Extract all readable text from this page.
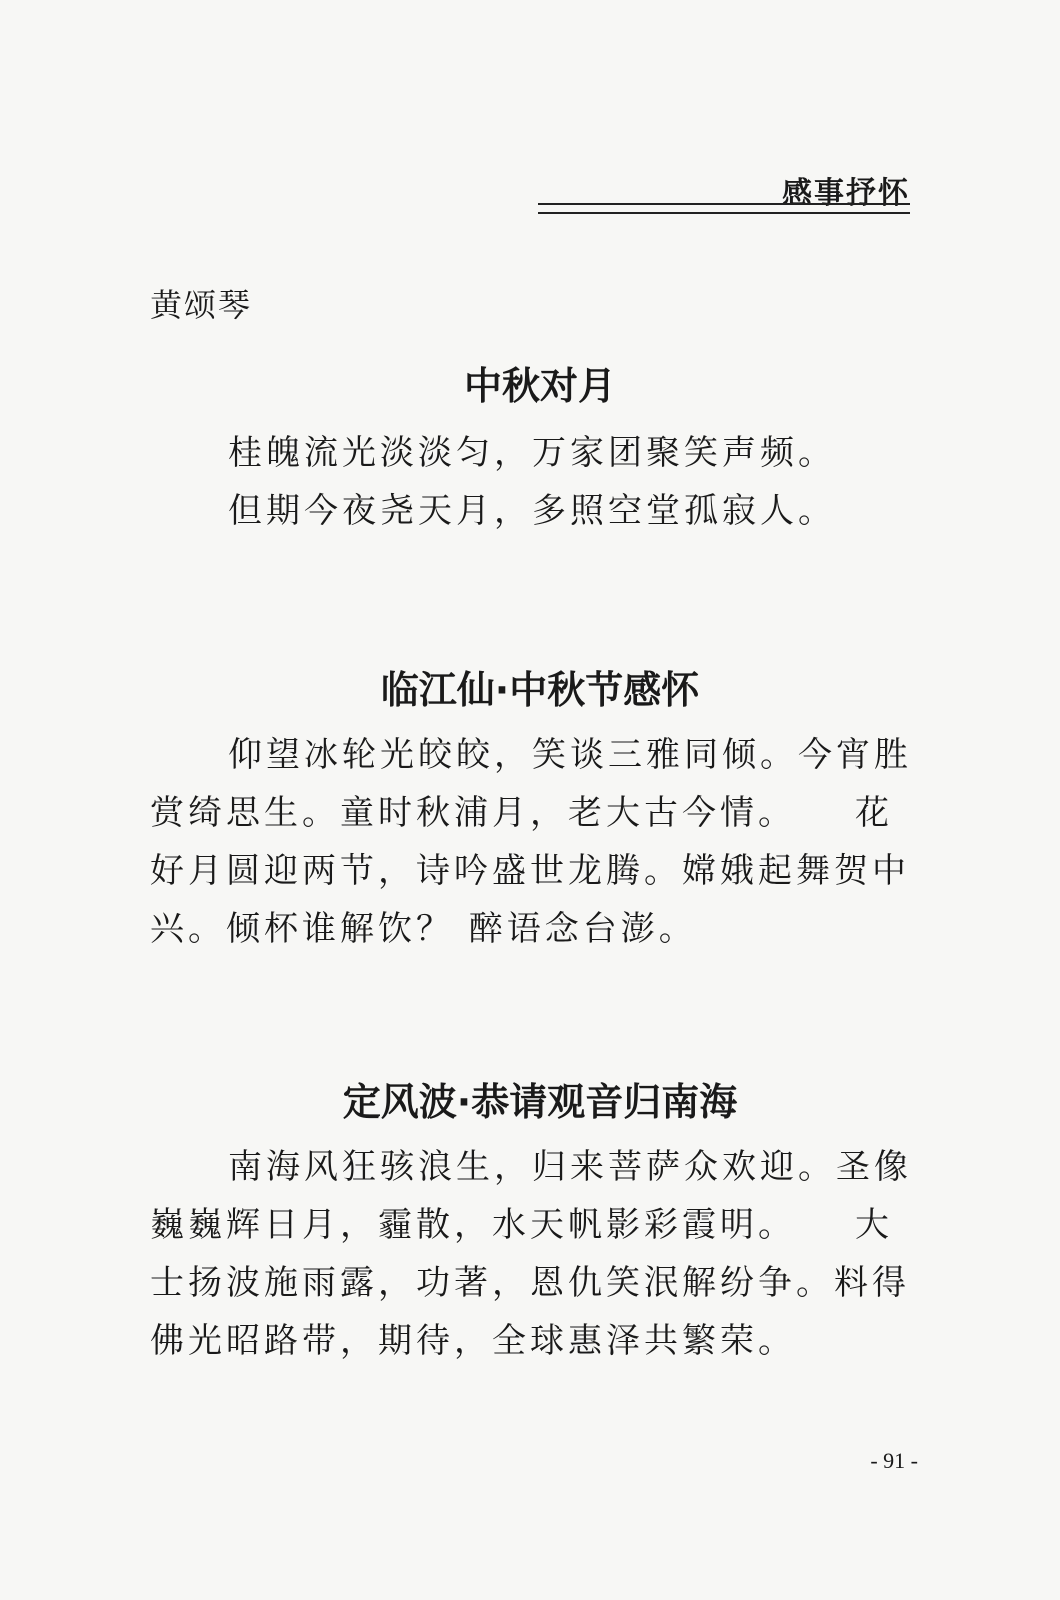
感事抒怀
黄颂琴
中秋对月

桂魄流光淡淡匀，万家团聚笑声频。

但期今夜尧天月，多照空堂孤寂人。

临江仙·中秋节感怀

仰望冰轮光皎皎，笑谈三雅同倾。今宵胜赏绮思生。童时秋浦月，老大古今情。　　花好月圆迎两节，诗吟盛世龙腾。嫦娥起舞贺中兴。倾杯谁解饮？ 醉语念台澎。

定风波·恭请观音归南海

南海风狂骇浪生，归来菩萨众欢迎。圣像巍巍辉日月，霾散，水天帆影彩霞明。　　大士扬波施雨露，功著，恩仇笑泯解纷争。料得佛光昭路带，期待，全球惠泽共繁荣。

- 91 -
